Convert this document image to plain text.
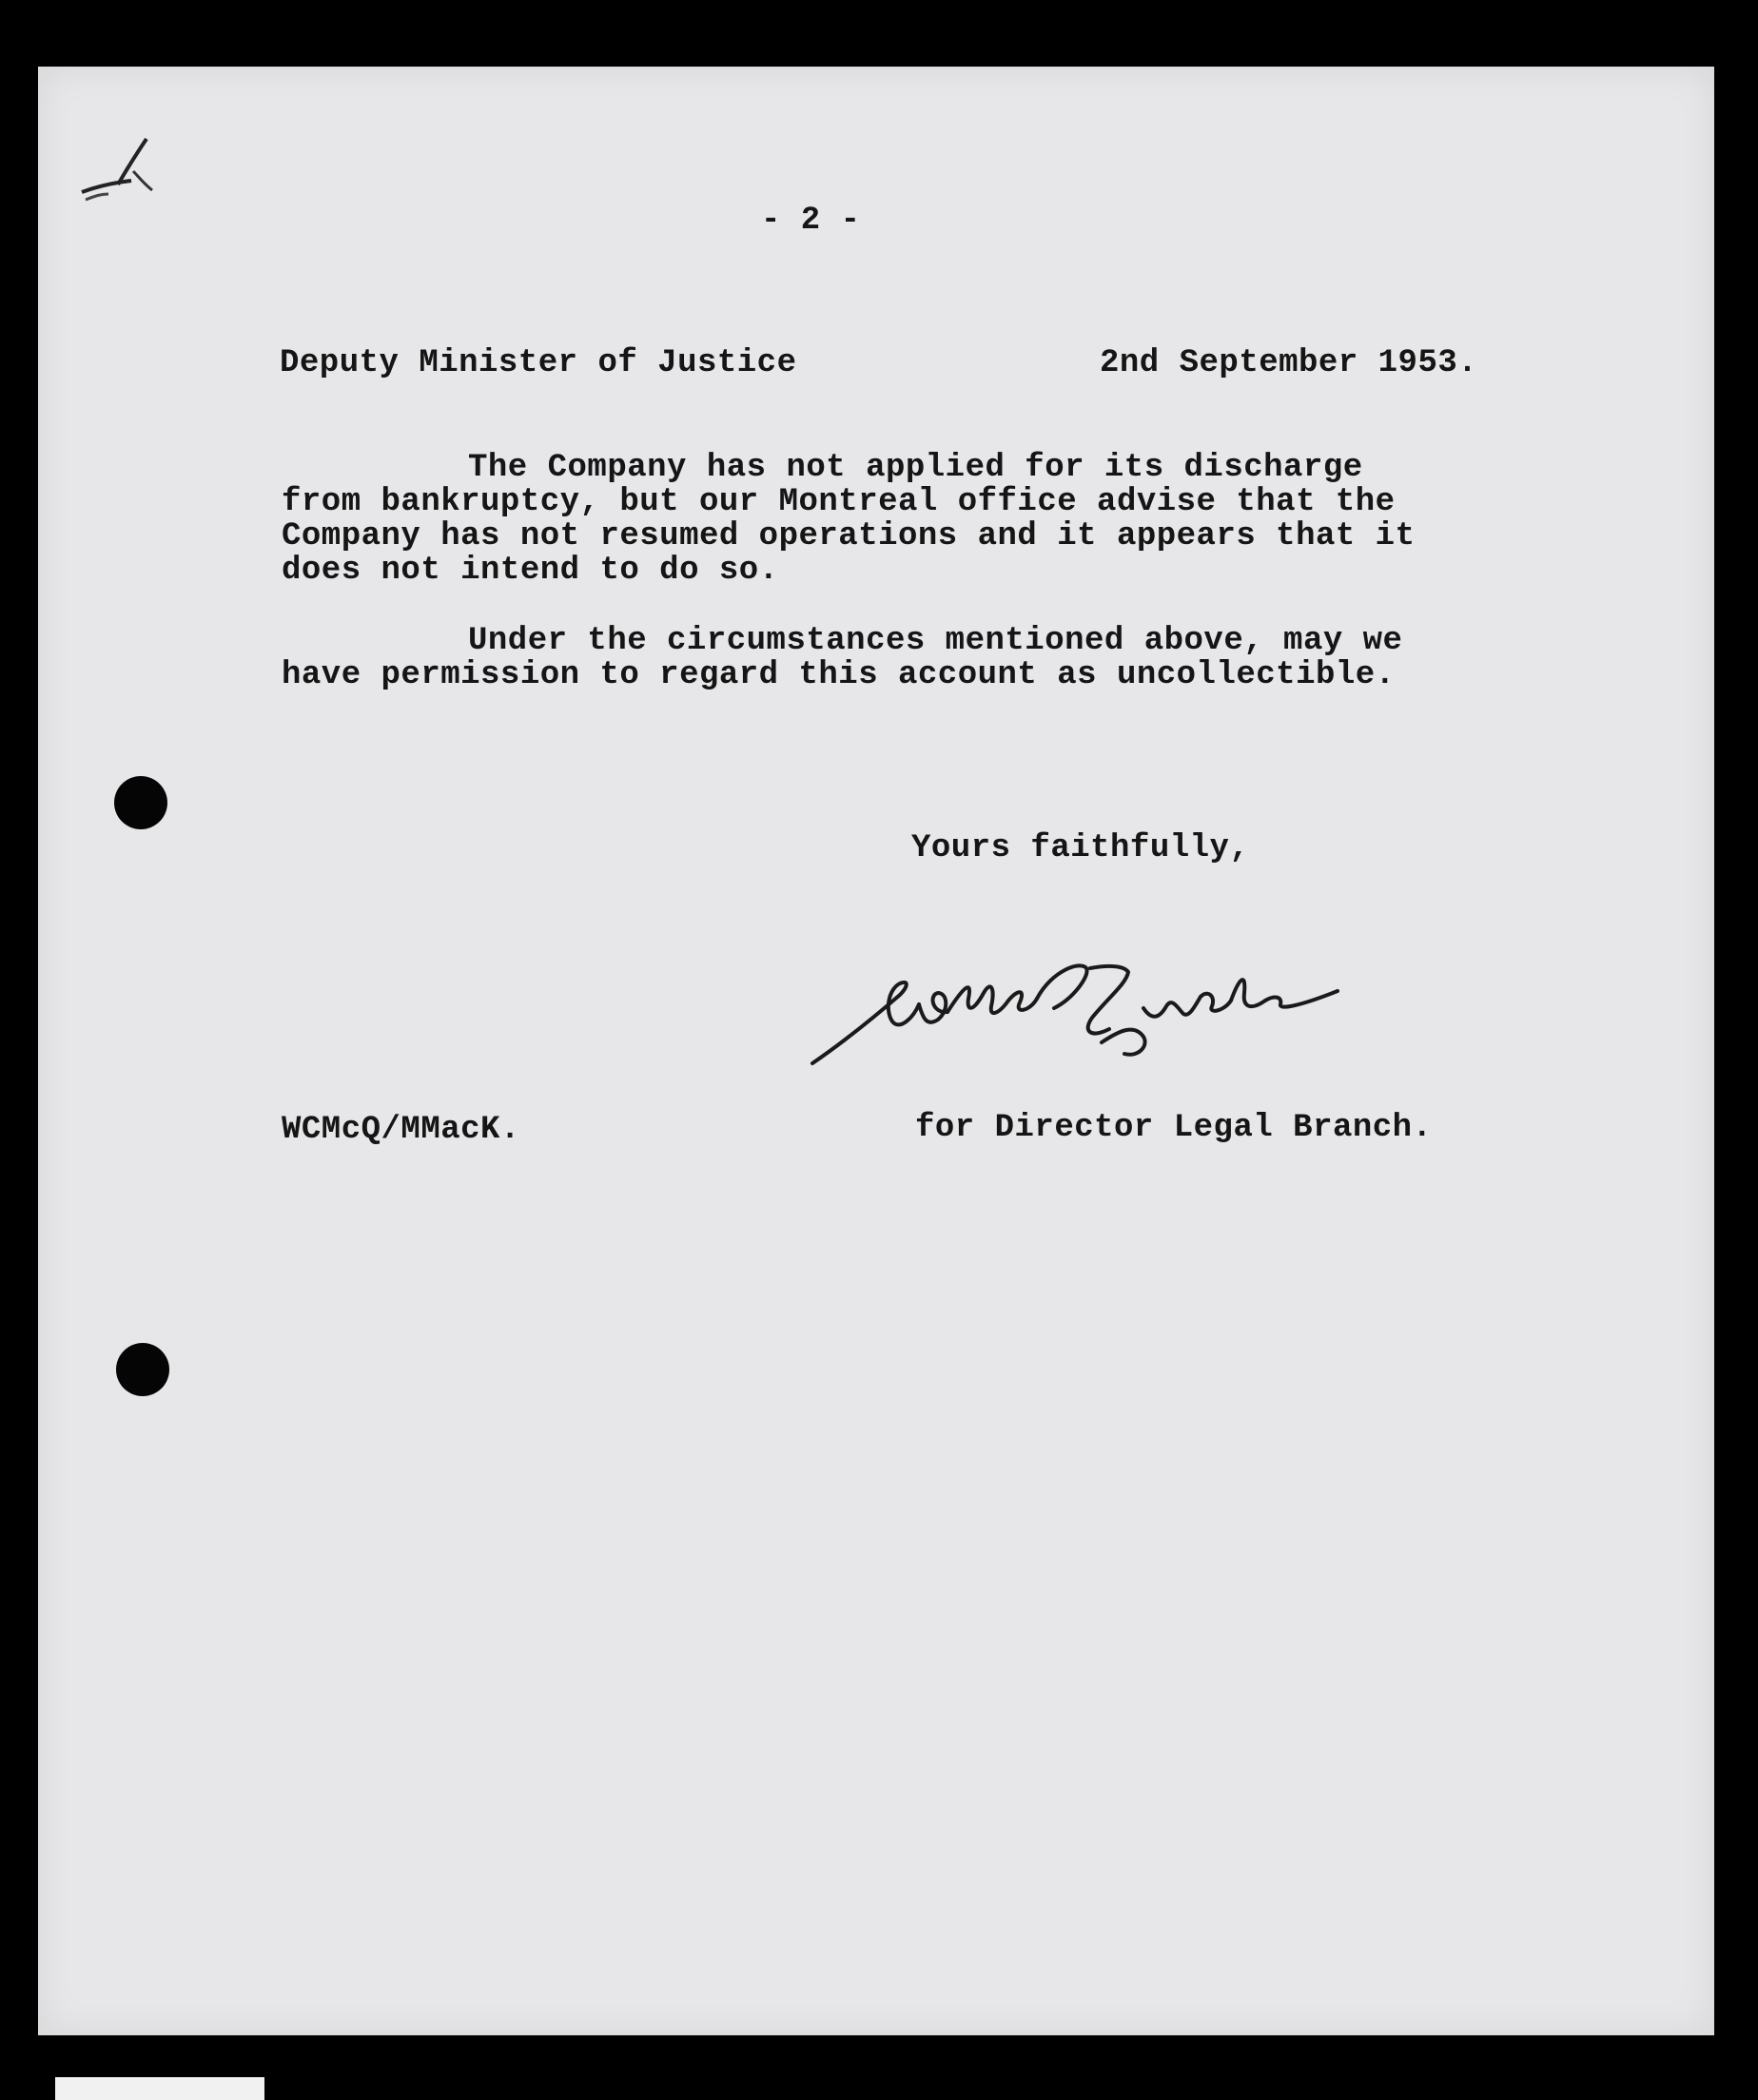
- 2 -
Deputy Minister of Justice	2nd September 1953.
The Company has not applied for its discharge
from bankruptcy, but our Montreal office advise that the
Company has not resumed operations and it appears that it
does not intend to do so.
Under the circumstances mentioned above, may we
have permission to regard this account as uncollectible.
Yours faithfully,
WCMcQ/MMacK.	for Director Legal Branch.
